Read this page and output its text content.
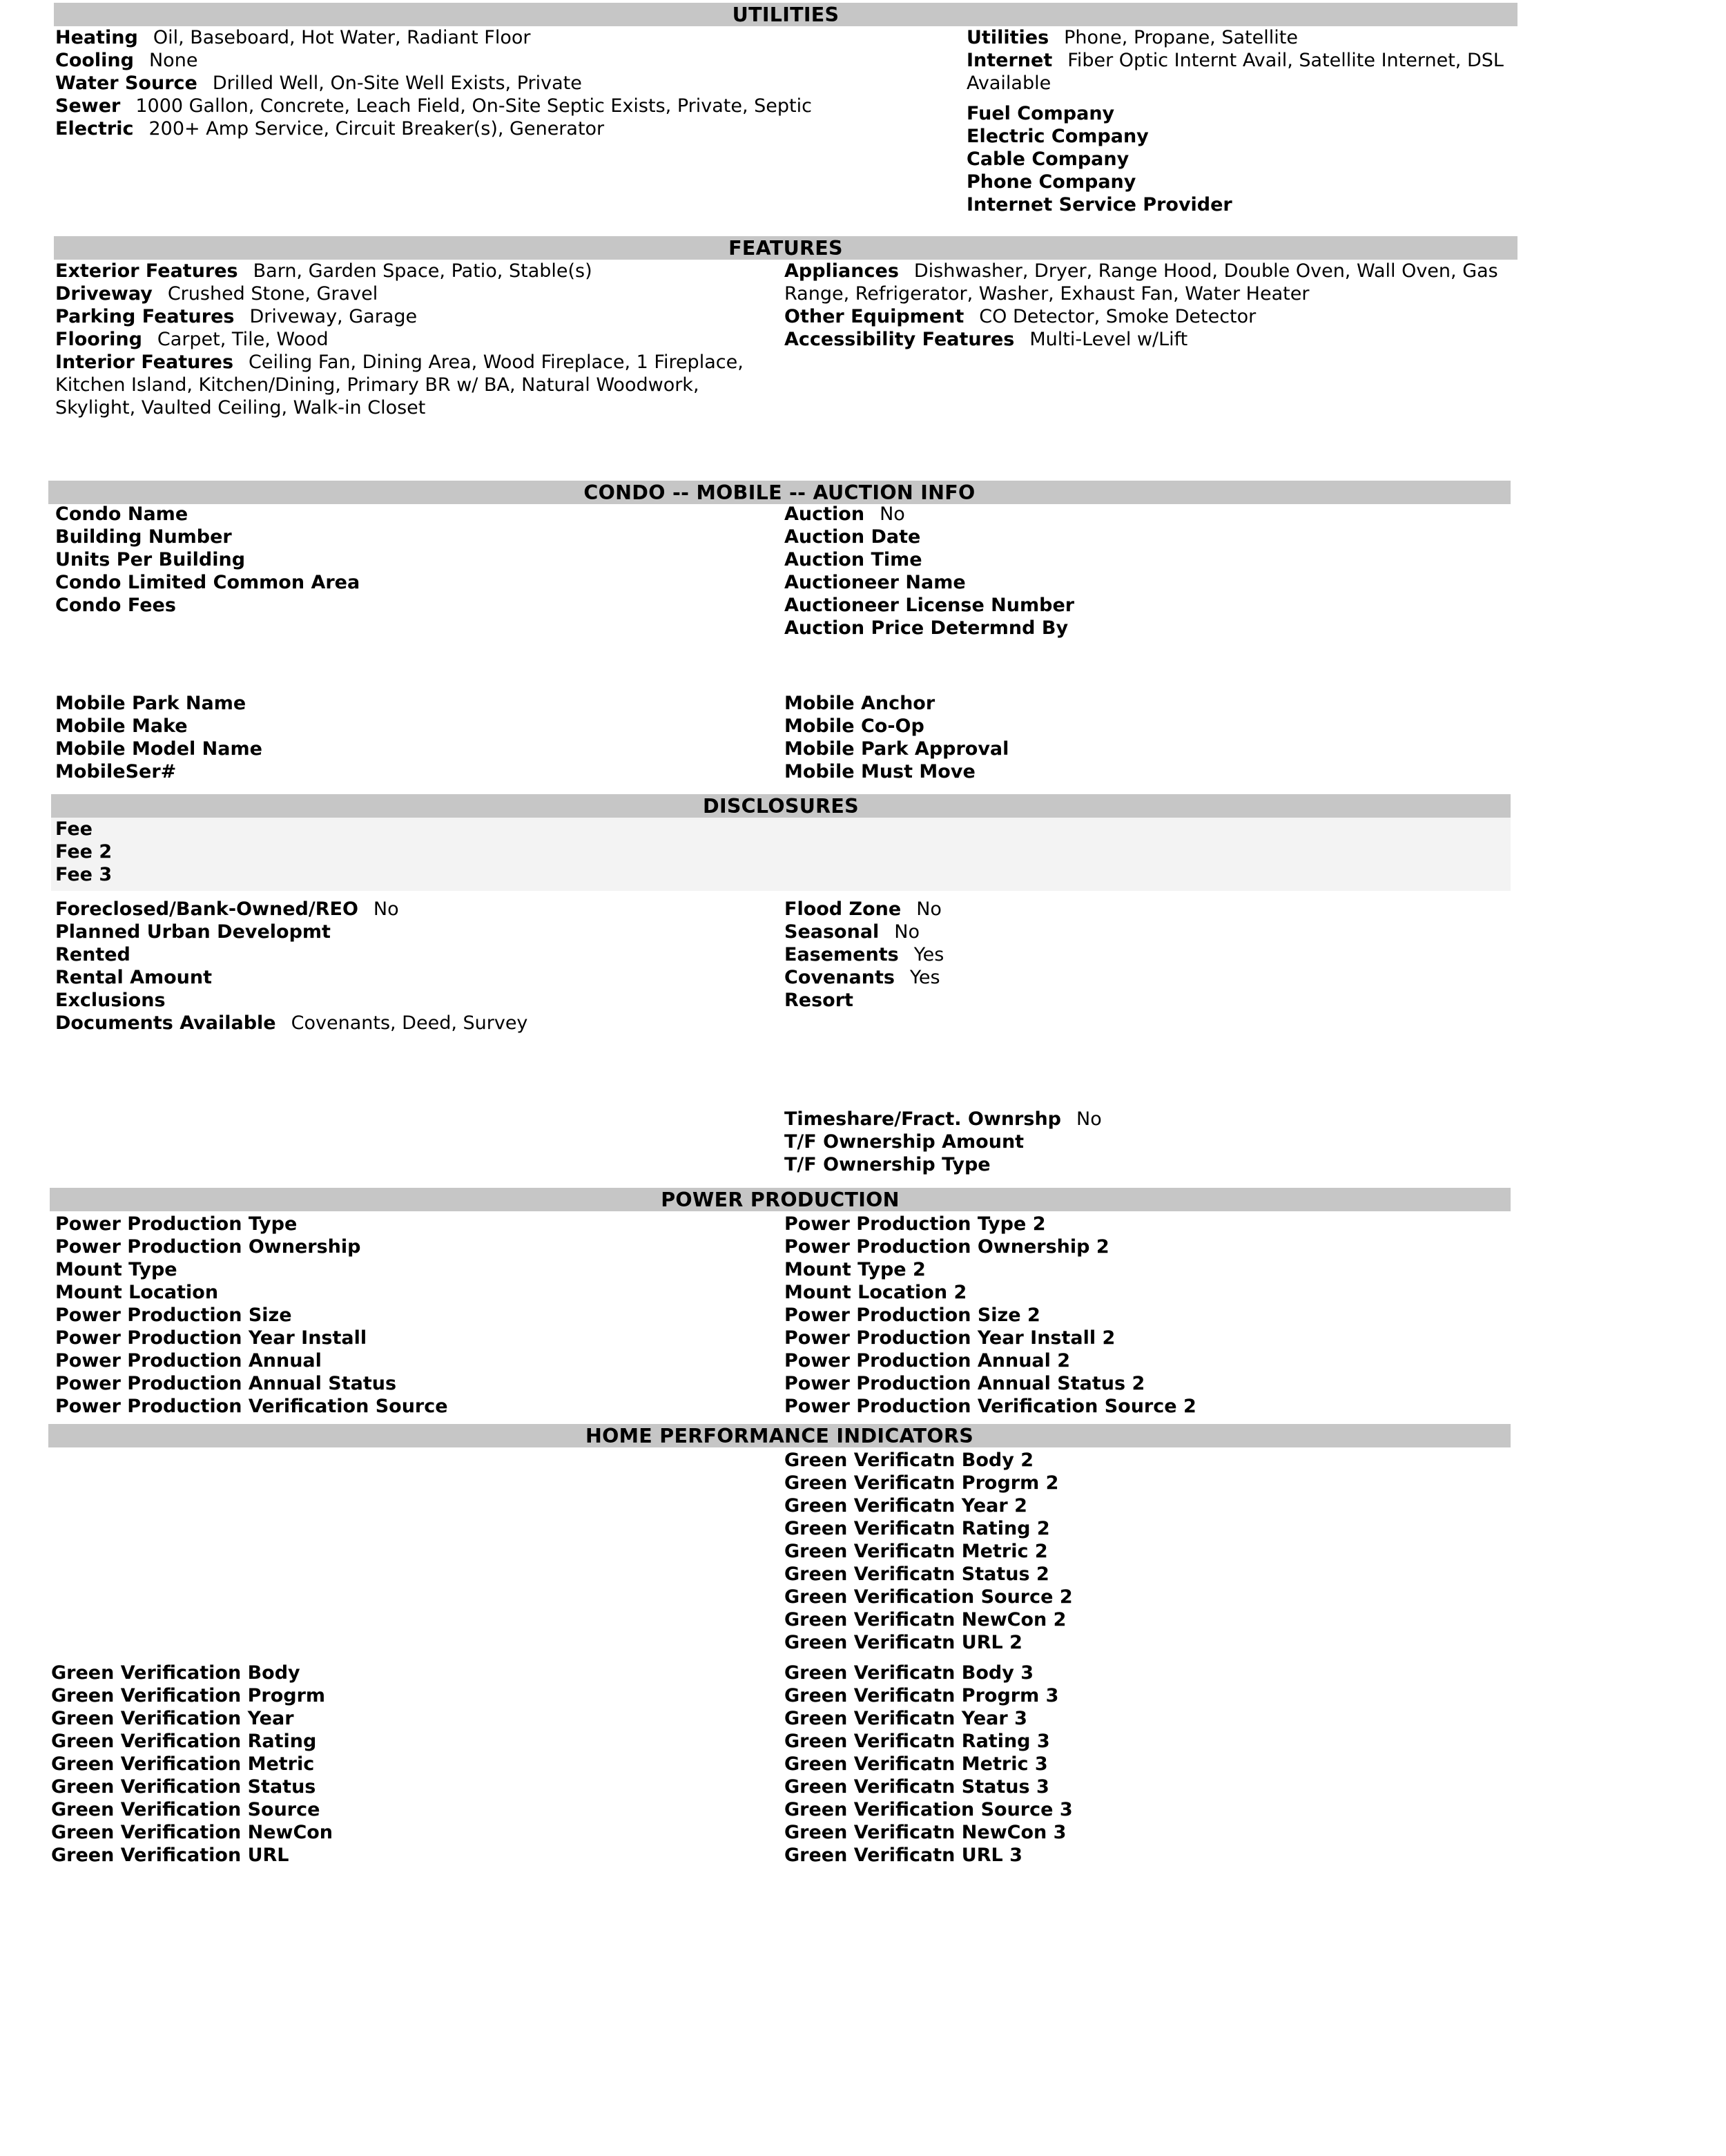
UTILITIES
Heating Oil, Baseboard, Hot Water, Radiant Floor
Cooling None
Water Source Drilled Well, On-Site Well Exists, Private
Sewer 1000 Gallon, Concrete, Leach Field, On-Site Septic Exists, Private, Septic
Electric 200+ Amp Service, Circuit Breaker(s), Generator
Utilities Phone, Propane, Satellite
Internet Fiber Optic Internt Avail, Satellite Internet, DSL Available
Fuel Company
Electric Company
Cable Company
Phone Company
Internet Service Provider
FEATURES
Exterior Features Barn, Garden Space, Patio, Stable(s)
Driveway Crushed Stone, Gravel
Parking Features Driveway, Garage
Flooring Carpet, Tile, Wood
Interior Features Ceiling Fan, Dining Area, Wood Fireplace, 1 Fireplace, Kitchen Island, Kitchen/Dining, Primary BR w/ BA, Natural Woodwork, Skylight, Vaulted Ceiling, Walk-in Closet
Appliances Dishwasher, Dryer, Range Hood, Double Oven, Wall Oven, Gas Range, Refrigerator, Washer, Exhaust Fan, Water Heater
Other Equipment CO Detector, Smoke Detector
Accessibility Features Multi-Level w/Lift
CONDO -- MOBILE -- AUCTION INFO
Condo Name
Building Number
Units Per Building
Condo Limited Common Area
Condo Fees
Auction No
Auction Date
Auction Time
Auctioneer Name
Auctioneer License Number
Auction Price Determnd By
Mobile Park Name
Mobile Make
Mobile Model Name
MobileSer#
Mobile Anchor
Mobile Co-Op
Mobile Park Approval
Mobile Must Move
DISCLOSURES
Fee
Fee 2
Fee 3
Foreclosed/Bank-Owned/REO No
Planned Urban Developmt
Rented
Rental Amount
Exclusions
Documents Available Covenants, Deed, Survey
Flood Zone No
Seasonal No
Easements Yes
Covenants Yes
Resort
Timeshare/Fract. Ownrshp No
T/F Ownership Amount
T/F Ownership Type
POWER PRODUCTION
Power Production Type
Power Production Ownership
Mount Type
Mount Location
Power Production Size
Power Production Year Install
Power Production Annual
Power Production Annual Status
Power Production Verification Source
Power Production Type 2
Power Production Ownership 2
Mount Type 2
Mount Location 2
Power Production Size 2
Power Production Year Install 2
Power Production Annual 2
Power Production Annual Status 2
Power Production Verification Source 2
HOME PERFORMANCE INDICATORS
Green Verificatn Body 2
Green Verificatn Progrm 2
Green Verificatn Year 2
Green Verificatn Rating 2
Green Verificatn Metric 2
Green Verificatn Status 2
Green Verification Source 2
Green Verificatn NewCon 2
Green Verificatn URL 2
Green Verification Body
Green Verification Progrm
Green Verification Year
Green Verification Rating
Green Verification Metric
Green Verification Status
Green Verification Source
Green Verification NewCon
Green Verification URL
Green Verificatn Body 3
Green Verificatn Progrm 3
Green Verificatn Year 3
Green Verificatn Rating 3
Green Verificatn Metric 3
Green Verificatn Status 3
Green Verification Source 3
Green Verificatn NewCon 3
Green Verificatn URL 3
